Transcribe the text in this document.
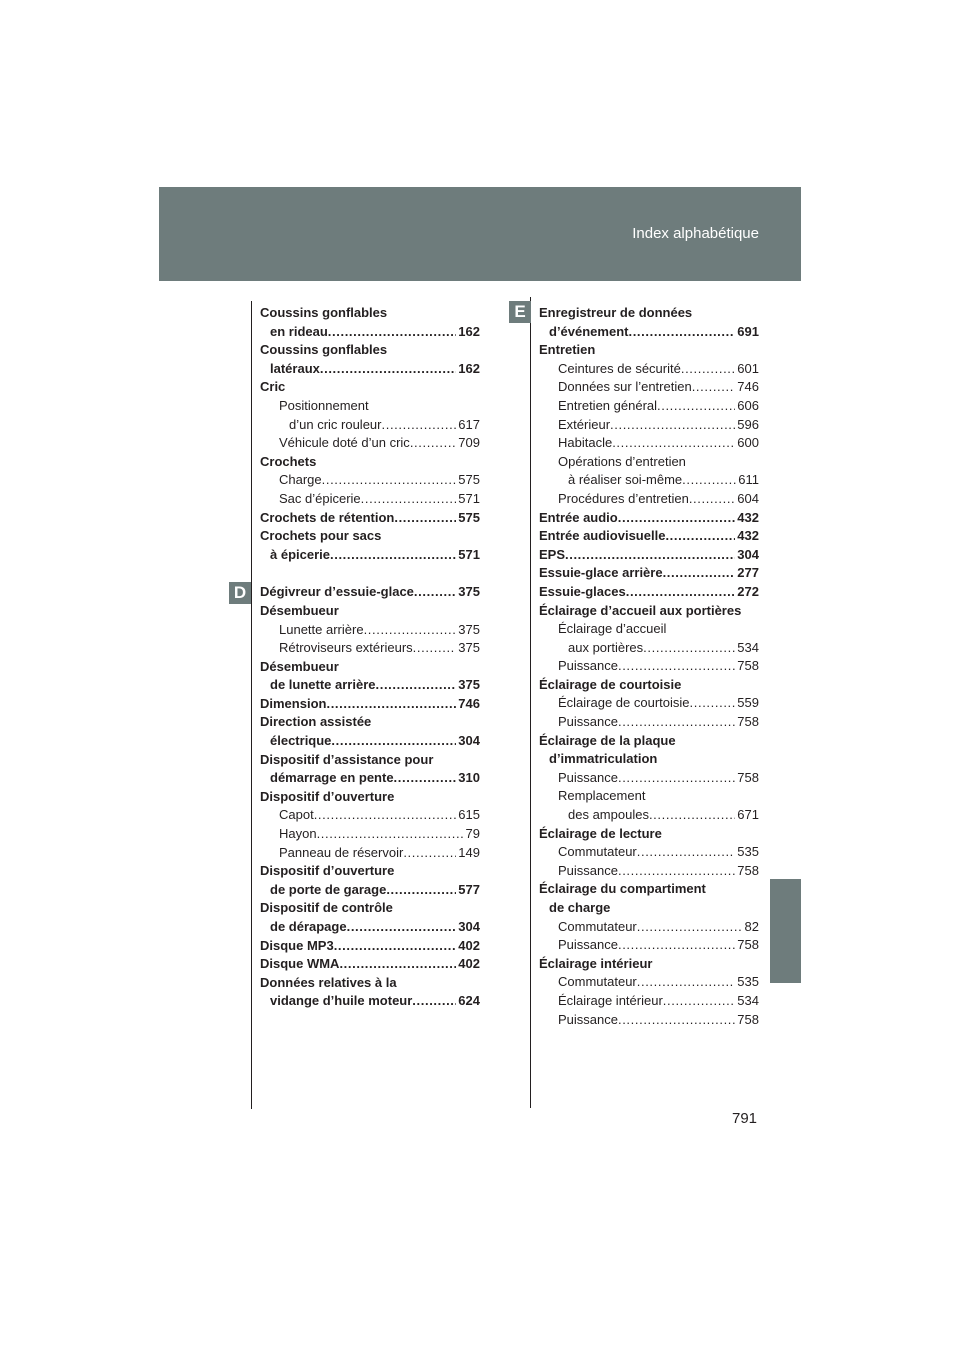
Index alphabétique
D
E
Coussins gonflables
en rideau . . .	162
Coussins gonflables
latéraux . . .	162
Cric
Positionnement
d’un cric rouleur . . .	617
Véhicule doté d’un cric . . .	709
Crochets
Charge . . .	575
Sac d’épicerie . . .	571
Crochets de rétention . . .	575
Crochets pour sacs
à épicerie . . .	571
Dégivreur d’essuie-glace . . .	375
Désembueur
Lunette arrière . . .	375
Rétroviseurs extérieurs . . .	375
Désembueur
de lunette arrière . . .	375
Dimension . . .	746
Direction assistée
électrique . . .	304
Dispositif d’assistance pour
démarrage en pente . . .	310
Dispositif d’ouverture
Capot . . .	615
Hayon . . .	79
Panneau de réservoir . . .	149
Dispositif d’ouverture
de porte de garage . . .	577
Dispositif de contrôle
de dérapage . . .	304
Disque MP3 . . .	402
Disque WMA . . .	402
Données relatives à la
vidange d’huile moteur . . .	624
Enregistreur de données
d’événement . . .	691
Entretien
Ceintures de sécurité . . .	601
Données sur l’entretien . . .	746
Entretien général . . .	606
Extérieur . . .	596
Habitacle . . .	600
Opérations d’entretien
à réaliser soi-même . . .	611
Procédures d’entretien . . .	604
Entrée audio . . .	432
Entrée audiovisuelle . . .	432
EPS . . .	304
Essuie-glace arrière . . .	277
Essuie-glaces . . .	272
Éclairage d’accueil aux portières
Éclairage d’accueil
aux portières . . .	534
Puissance . . .	758
Éclairage de courtoisie
Éclairage de courtoisie . . .	559
Puissance . . .	758
Éclairage de la plaque
d’immatriculation
Puissance . . .	758
Remplacement
des ampoules . . .	671
Éclairage de lecture
Commutateur . . .	535
Puissance . . .	758
Éclairage du compartiment
de charge
Commutateur . . .	82
Puissance . . .	758
Éclairage intérieur
Commutateur . . .	535
Éclairage intérieur . . .	534
Puissance . . .	758
791
